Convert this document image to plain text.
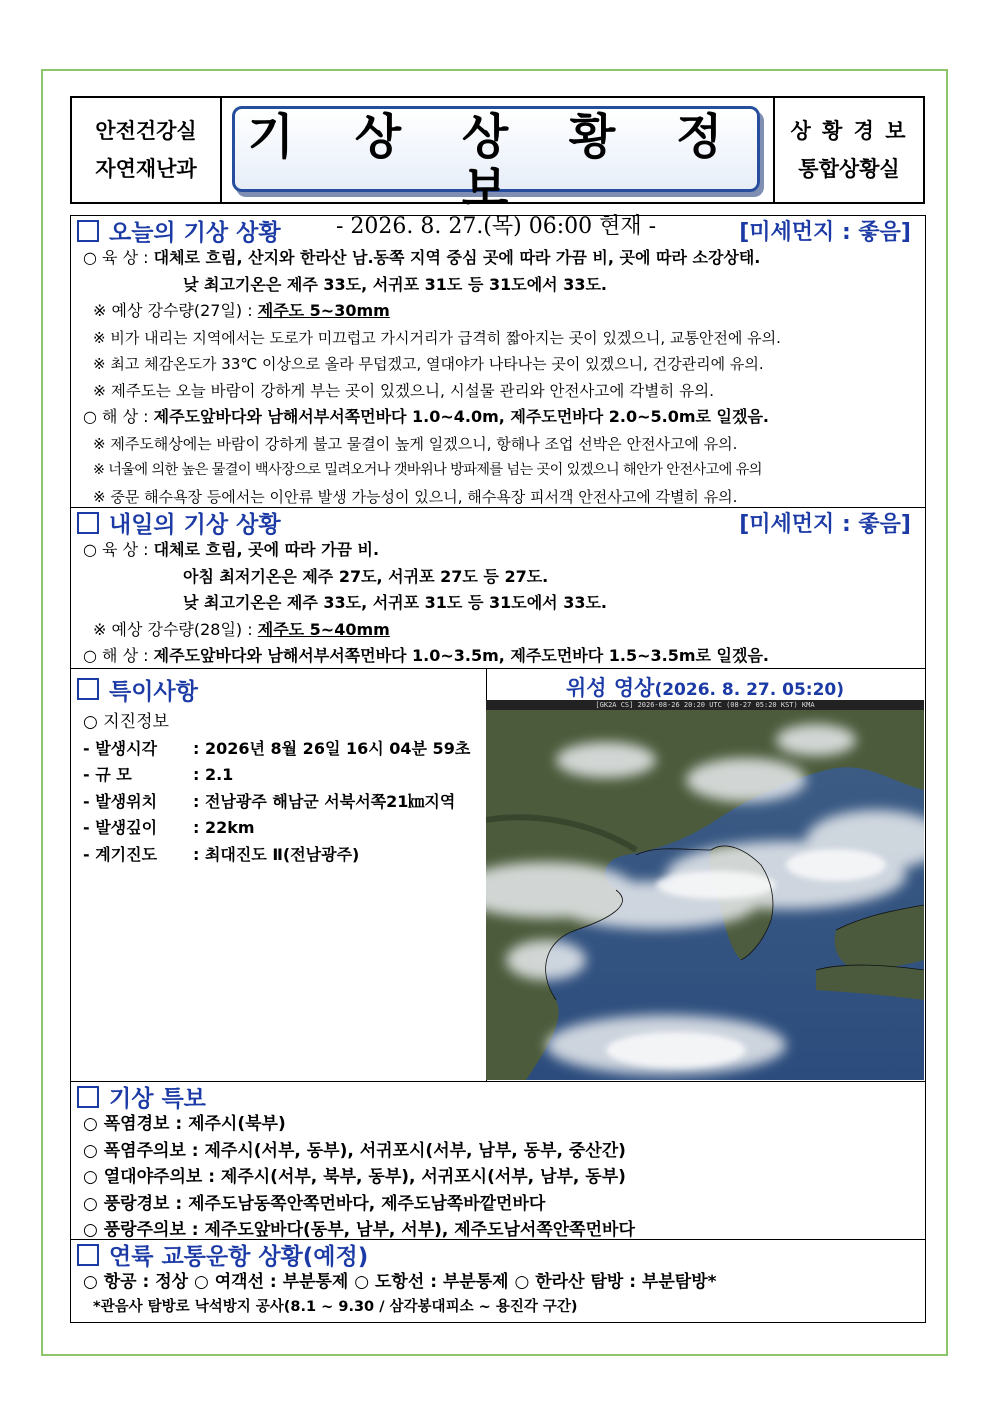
안전건강실
자연재난과
기 상 상 황 정 보
- 2026. 8. 27.(목) 06:00 현재 -
상 황 경 보
통합상황실
오늘의 기상 상황	[미세먼지 : 좋음]
○ 육 상 : 대체로 흐림, 산지와 한라산 남.동쪽 지역 중심 곳에 따라 가끔 비, 곳에 따라 소강상태.
낮 최고기온은 제주 33도, 서귀포 31도 등 31도에서 33도.
※ 예상 강수량(27일) : 제주도 5~30mm
※ 비가 내리는 지역에서는 도로가 미끄럽고 가시거리가 급격히 짧아지는 곳이 있겠으니, 교통안전에 유의.
※ 최고 체감온도가 33℃ 이상으로 올라 무덥겠고, 열대야가 나타나는 곳이 있겠으니, 건강관리에 유의.
※ 제주도는 오늘 바람이 강하게 부는 곳이 있겠으니, 시설물 관리와 안전사고에 각별히 유의.
○ 해 상 : 제주도앞바다와 남해서부서쪽먼바다 1.0~4.0m, 제주도먼바다 2.0~5.0m로 일겠음.
※ 제주도해상에는 바람이 강하게 불고 물결이 높게 일겠으니, 항해나 조업 선박은 안전사고에 유의.
※ 너울에 의한 높은 물결이 백사장으로 밀려오거나 갯바위나 방파제를 넘는 곳이 있겠으니 해안가 안전사고에 유의
※ 중문 해수욕장 등에서는 이안류 발생 가능성이 있으니, 해수욕장 피서객 안전사고에 각별히 유의.
내일의 기상 상황	[미세먼지 : 좋음]
○ 육 상 : 대체로 흐림, 곳에 따라 가끔 비.
아침 최저기온은 제주 27도, 서귀포 27도 등 27도.
낮 최고기온은 제주 33도, 서귀포 31도 등 31도에서 33도.
※ 예상 강수량(28일) : 제주도 5~40mm
○ 해 상 : 제주도앞바다와 남해서부서쪽먼바다 1.0~3.5m, 제주도먼바다 1.5~3.5m로 일겠음.
특이사항
○ 지진정보
- 발생시각 : 2026년 8월 26일 16시 04분 59초
- 규 모	: 2.1
- 발생위치 : 전남광주 해남군 서북서쪽21㎞지역
- 발생깊이 : 22km
- 계기진도 : 최대진도 Ⅱ(전남광주)
위성 영상(2026. 8. 27. 05:20)
[GK2A CS] 2026-08-26 20:20 UTC (08-27 05:20 KST) KMA
기상 특보
○ 폭염경보 : 제주시(북부)
○ 폭염주의보 : 제주시(서부, 동부), 서귀포시(서부, 남부, 동부, 중산간)
○ 열대야주의보 : 제주시(서부, 북부, 동부), 서귀포시(서부, 남부, 동부)
○ 풍랑경보 : 제주도남동쪽안쪽먼바다, 제주도남쪽바깥먼바다
○ 풍랑주의보 : 제주도앞바다(동부, 남부, 서부), 제주도남서쪽안쪽먼바다
연륙 교통운항 상황(예정)
○ 항공 : 정상 ○ 여객선 : 부분통제 ○ 도항선 : 부분통제 ○ 한라산 탐방 : 부분탐방*
*관음사 탐방로 낙석방지 공사(8.1 ~ 9.30 / 삼각봉대피소 ~ 용진각 구간)
